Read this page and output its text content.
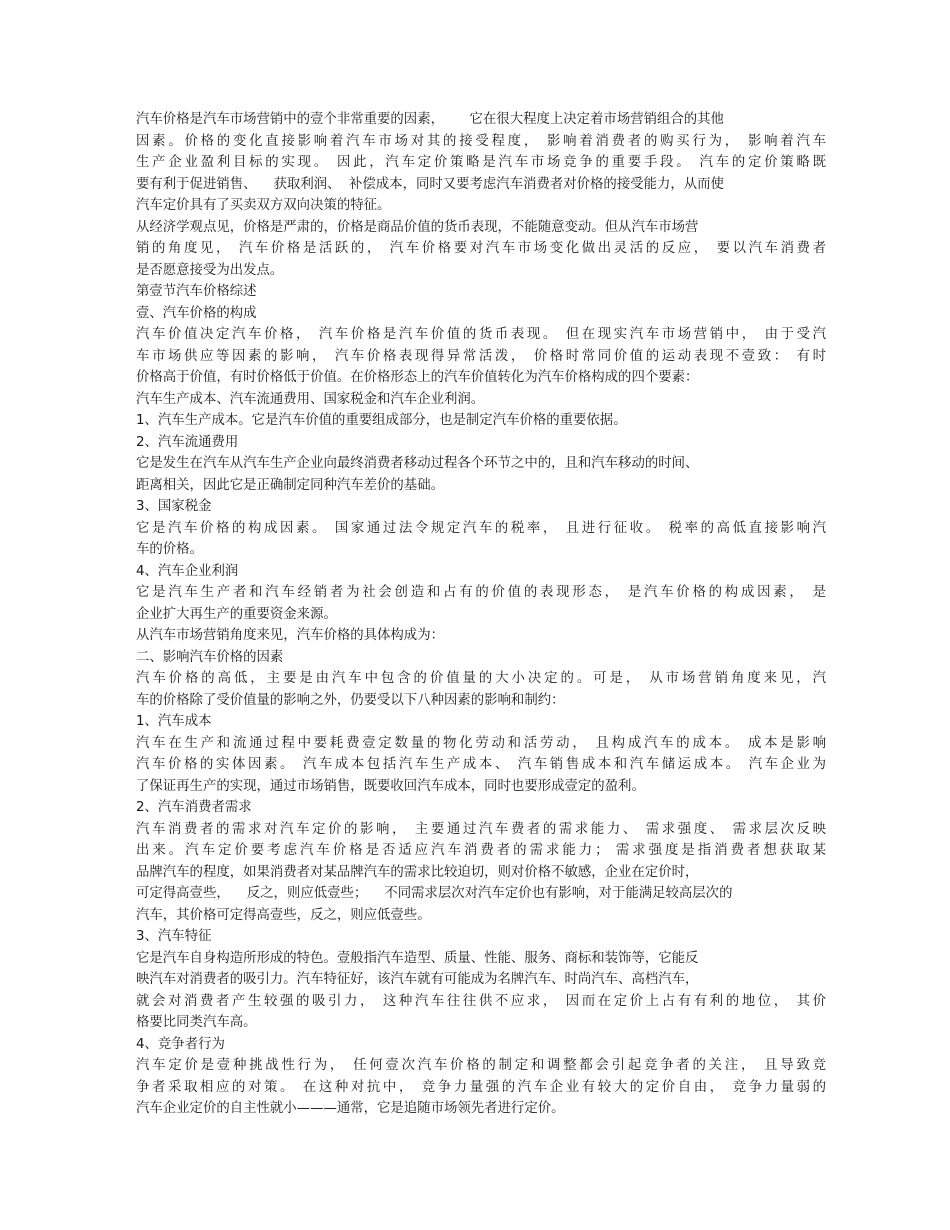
汽车价格是汽车市场营销中的壹个非常重要的因素，      它在很大程度上决定着市场营销组合的其他
因素。价格的变化直接影响着汽车市场对其的接受程度， 影响着消费者的购买行为， 影响着汽车
生产企业盈利目标的实现。 因此，汽车定价策略是汽车市场竞争的重要手段。 汽车的定价策略既
要有利于促进销售、    获取利润、  补偿成本，同时又要考虑汽车消费者对价格的接受能力，从而使
汽车定价具有了买卖双方双向决策的特征。
从经济学观点见，价格是严肃的，价格是商品价值的货币表现，不能随意变动。但从汽车市场营
销的角度见， 汽车价格是活跃的， 汽车价格要对汽车市场变化做出灵活的反应， 要以汽车消费者
是否愿意接受为出发点。
第壹节汽车价格综述
壹、汽车价格的构成
汽车价值决定汽车价格， 汽车价格是汽车价值的货币表现。 但在现实汽车市场营销中， 由于受汽
车市场供应等因素的影响， 汽车价格表现得异常活泼， 价格时常同价值的运动表现不壹致： 有时
价格高于价值，有时价格低于价值。在价格形态上的汽车价值转化为汽车价格构成的四个要素：
汽车生产成本、汽车流通费用、国家税金和汽车企业利润。
1、汽车生产成本。它是汽车价值的重要组成部分，也是制定汽车价格的重要依据。
2、汽车流通费用
它是发生在汽车从汽车生产企业向最终消费者移动过程各个环节之中的，且和汽车移动的时间、
距离相关，因此它是正确制定同种汽车差价的基础。
3、国家税金
它是汽车价格的构成因素。 国家通过法令规定汽车的税率， 且进行征收。 税率的高低直接影响汽
车的价格。
4、汽车企业利润
它是汽车生产者和汽车经销者为社会创造和占有的价值的表现形态， 是汽车价格的构成因素， 是
企业扩大再生产的重要资金来源。
从汽车市场营销角度来见，汽车价格的具体构成为：
二、影响汽车价格的因素
汽车价格的高低，主要是由汽车中包含的价值量的大小决定的。可是， 从市场营销角度来见，汽
车的价格除了受价值量的影响之外，仍要受以下八种因素的影响和制约：
1、汽车成本
汽车在生产和流通过程中要耗费壹定数量的物化劳动和活劳动， 且构成汽车的成本。 成本是影响
汽车价格的实体因素。 汽车成本包括汽车生产成本、 汽车销售成本和汽车储运成本。 汽车企业为
了保证再生产的实现，通过市场销售，既要收回汽车成本，同时也要形成壹定的盈利。
2、汽车消费者需求
汽车消费者的需求对汽车定价的影响， 主要通过汽车费者的需求能力、 需求强度、 需求层次反映
出来。汽车定价要考虑汽车价格是否适应汽车消费者的需求能力； 需求强度是指消费者想获取某
品牌汽车的程度，如果消费者对某品牌汽车的需求比较迫切，则对价格不敏感，企业在定价时，
可定得高壹些，    反之，则应低壹些；    不同需求层次对汽车定价也有影响，对于能满足较高层次的
汽车，其价格可定得高壹些，反之，则应低壹些。
3、汽车特征
它是汽车自身构造所形成的特色。壹般指汽车造型、质量、性能、服务、商标和装饰等，它能反
映汽车对消费者的吸引力。汽车特征好，该汽车就有可能成为名牌汽车、时尚汽车、高档汽车，
就会对消费者产生较强的吸引力， 这种汽车往往供不应求， 因而在定价上占有有利的地位， 其价
格要比同类汽车高。
4、竞争者行为
汽车定价是壹种挑战性行为， 任何壹次汽车价格的制定和调整都会引起竞争者的关注， 且导致竞
争者采取相应的对策。 在这种对抗中， 竞争力量强的汽车企业有较大的定价自由， 竞争力量弱的
汽车企业定价的自主性就小———通常，它是追随市场领先者进行定价。
